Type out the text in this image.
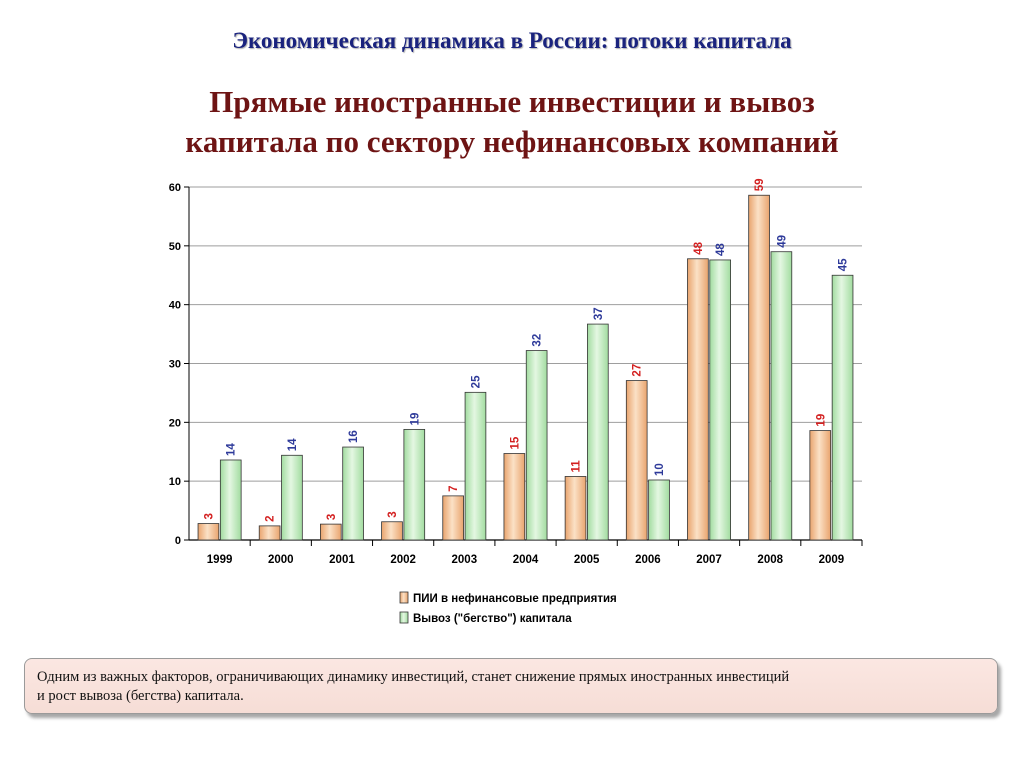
Экономическая динамика в России: потоки капитала
Прямые иностранные инвестиции и вывоз
капитала по сектору нефинансовых компаний
0
10
20
30
40
50
60
1999	2000	2001	2002	2003	2004	2005	2006	2007	2008	2009
3
14
2
14
3
16
3
19
7
25
15
32
11
37
27
10
48 48
59
49
19
45
ПИИ в нефинансовые предприятия
Вывоз ("бегство") капитала
Одним из важных факторов, ограничивающих динамику инвестиций, станет снижение прямых иностранных инвестиций
и рост вывоза (бегства) капитала.
